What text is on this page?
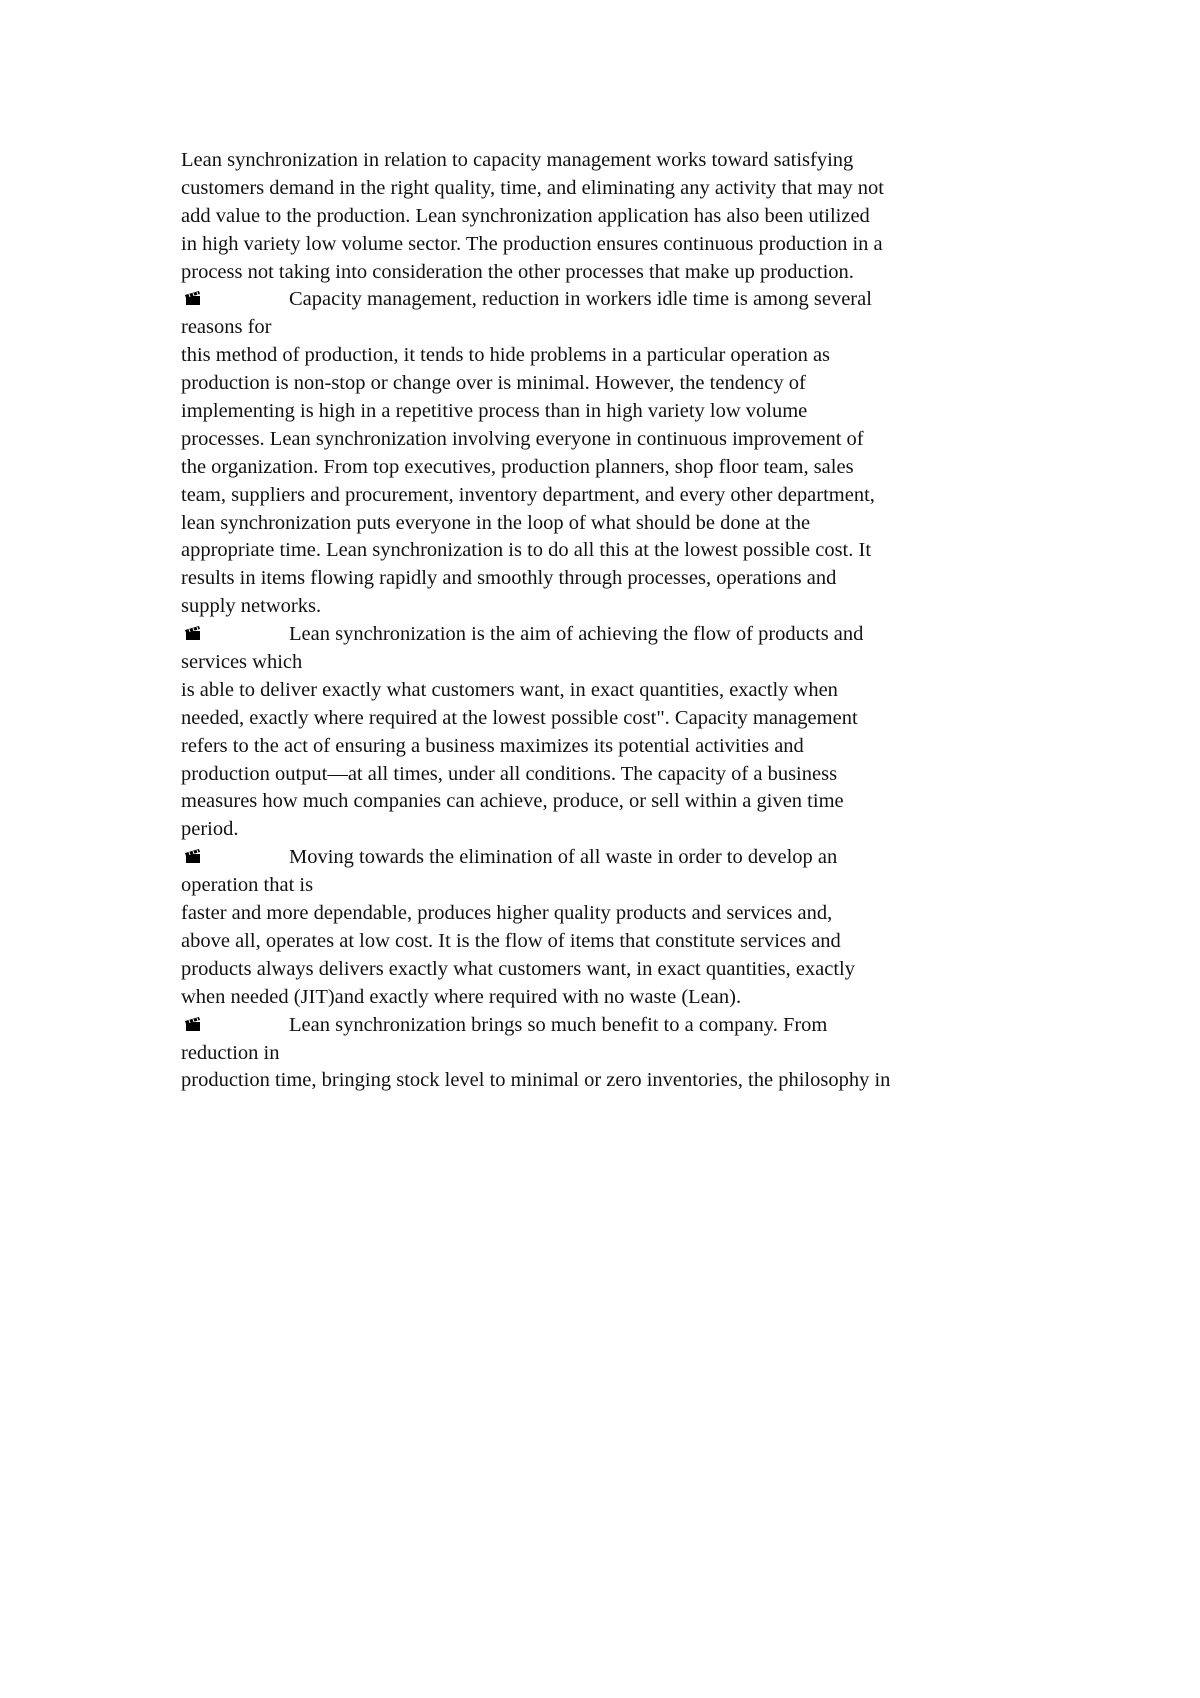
Lean synchronization in relation to capacity management works toward satisfying
customers demand in the right quality, time, and eliminating any activity that may not
add value to the production. Lean synchronization application has also been utilized
in high variety low volume sector. The production ensures continuous production in a
process not taking into consideration the other processes that make up production.
Capacity management, reduction in workers idle time is among several
reasons for
this method of production, it tends to hide problems in a particular operation as
production is non-stop or change over is minimal. However, the tendency of
implementing is high in a repetitive process than in high variety low volume
processes. Lean synchronization involving everyone in continuous improvement of
the organization. From top executives, production planners, shop floor team, sales
team, suppliers and procurement, inventory department, and every other department,
lean synchronization puts everyone in the loop of what should be done at the
appropriate time. Lean synchronization is to do all this at the lowest possible cost. It
results in items flowing rapidly and smoothly through processes, operations and
supply networks.
Lean synchronization is the aim of achieving the flow of products and
services which
is able to deliver exactly what customers want, in exact quantities, exactly when
needed, exactly where required at the lowest possible cost". Capacity management
refers to the act of ensuring a business maximizes its potential activities and
production output—at all times, under all conditions. The capacity of a business
measures how much companies can achieve, produce, or sell within a given time
period.
Moving towards the elimination of all waste in order to develop an
operation that is
faster and more dependable, produces higher quality products and services and,
above all, operates at low cost. It is the flow of items that constitute services and
products always delivers exactly what customers want, in exact quantities, exactly
when needed (JIT)and exactly where required with no waste (Lean).
Lean synchronization brings so much benefit to a company. From
reduction in
production time, bringing stock level to minimal or zero inventories, the philosophy in
